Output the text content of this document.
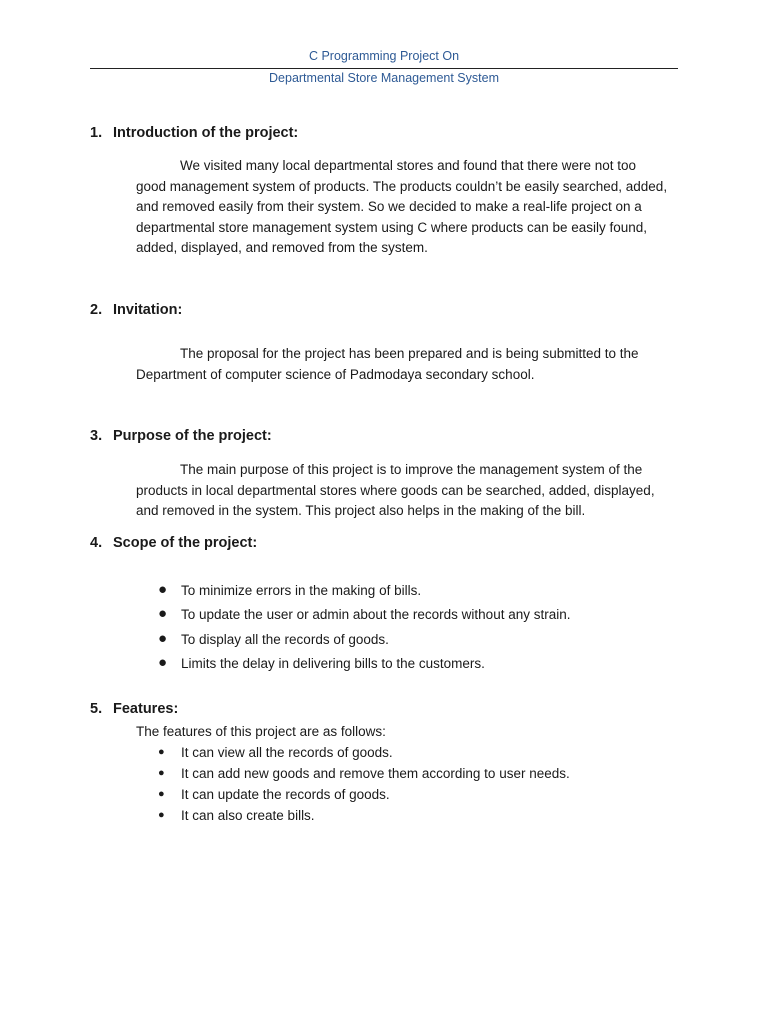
C Programming Project On
Departmental Store Management System
1. Introduction of the project:
We visited many local departmental stores and found that there were not too
good management system of products. The products couldn’t be easily searched, added,
and removed easily from their system. So we decided to make a real-life project on a
departmental store management system using C where products can be easily found,
added, displayed, and removed from the system.
2. Invitation:
The proposal for the project has been prepared and is being submitted to the
Department of computer science of Padmodaya secondary school.
3. Purpose of the project:
The main purpose of this project is to improve the management system of the
products in local departmental stores where goods can be searched, added, displayed,
and removed in the system. This project also helps in the making of the bill.
4. Scope of the project:
● To minimize errors in the making of bills.
● To update the user or admin about the records without any strain.
● To display all the records of goods.
● Limits the delay in delivering bills to the customers.
5. Features:
The features of this project are as follows:
● It can view all the records of goods.
● It can add new goods and remove them according to user needs.
● It can update the records of goods.
● It can also create bills.
